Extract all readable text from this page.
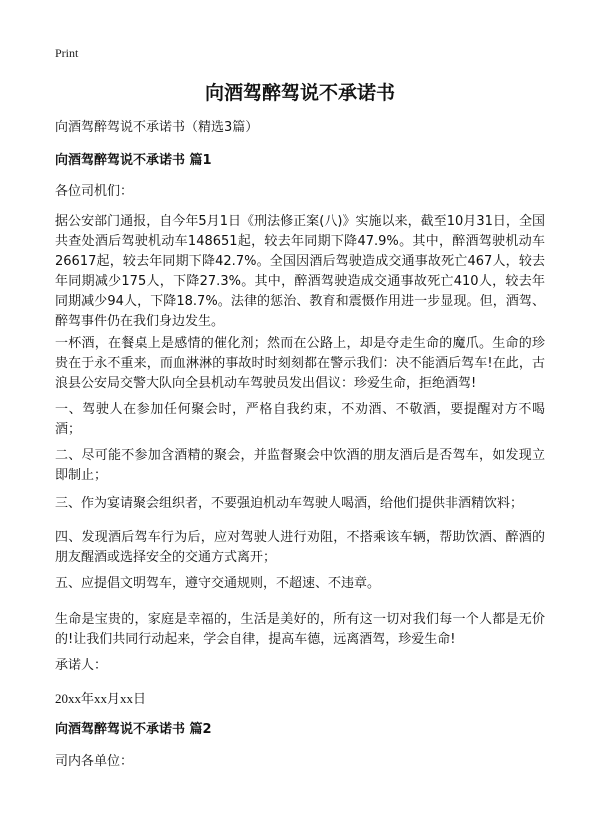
Print
向酒驾醉驾说不承诺书

向酒驾醉驾说不承诺书（精选3篇）

向酒驾醉驾说不承诺书 篇1

各位司机们：

据公安部门通报，自今年5月1日《刑法修正案(八)》实施以来，截至10月31日，全国共查处酒后驾驶机动车148651起，较去年同期下降47.9%。其中，醉酒驾驶机动车26617起，较去年同期下降42.7%。全国因酒后驾驶造成交通事故死亡467人，较去年同期减少175人，下降27.3%。其中，醉酒驾驶造成交通事故死亡410人，较去年同期减少94人，下降18.7%。法律的惩治、教育和震慑作用进一步显现。但，酒驾、醉驾事件仍在我们身边发生。

一杯酒，在餐桌上是感情的催化剂；然而在公路上，却是夺走生命的魔爪。生命的珍贵在于永不重来，而血淋淋的事故时时刻刻都在警示我们：决不能酒后驾车!在此，古浪县公安局交警大队向全县机动车驾驶员发出倡议：珍爱生命，拒绝酒驾!

一、驾驶人在参加任何聚会时，严格自我约束，不劝酒、不敬酒，要提醒对方不喝酒；

二、尽可能不参加含酒精的聚会，并监督聚会中饮酒的朋友酒后是否驾车，如发现立即制止；

三、作为宴请聚会组织者，不要强迫机动车驾驶人喝酒，给他们提供非酒精饮料；

四、发现酒后驾车行为后，应对驾驶人进行劝阻，不搭乘该车辆，帮助饮酒、醉酒的朋友醒酒或选择安全的交通方式离开；

五、应提倡文明驾车，遵守交通规则，不超速、不违章。

生命是宝贵的，家庭是幸福的，生活是美好的，所有这一切对我们每一个人都是无价的!让我们共同行动起来，学会自律，提高车德，远离酒驾，珍爱生命!

承诺人：

20xx年xx月xx日

向酒驾醉驾说不承诺书 篇2

司内各单位：
